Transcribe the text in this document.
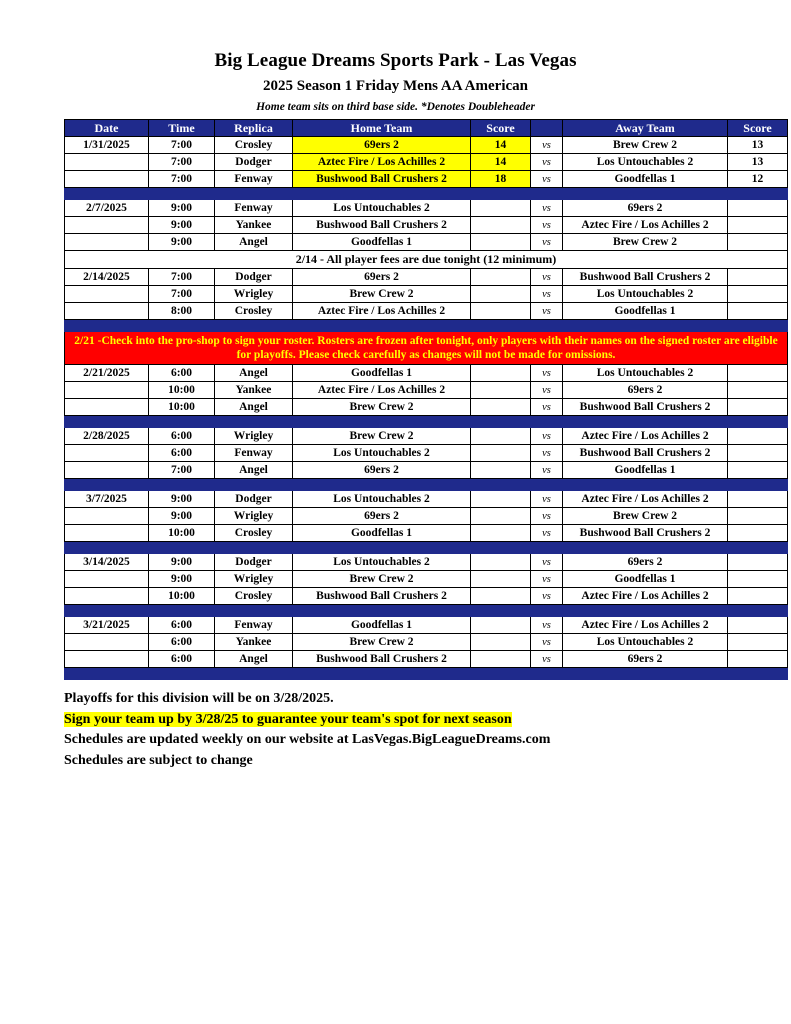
Big League Dreams Sports Park - Las Vegas
2025 Season 1 Friday Mens AA American
Home team sits on third base side. *Denotes Doubleheader
Date	Time	Replica	Home Team	Score		Away Team	Score
1/31/2025	7:00	Crosley	69ers 2	14	vs	Brew Crew 2	13
	7:00	Dodger	Aztec Fire / Los Achilles 2	14	vs	Los Untouchables 2	13
	7:00	Fenway	Bushwood Ball Crushers 2	18	vs	Goodfellas 1	12

2/7/2025	9:00	Fenway	Los Untouchables 2		vs	69ers 2	
	9:00	Yankee	Bushwood Ball Crushers 2		vs	Aztec Fire / Los Achilles 2	
	9:00	Angel	Goodfellas 1		vs	Brew Crew 2	
2/14 - All player fees are due tonight (12 minimum)							
2/14/2025	7:00	Dodger	69ers 2		vs	Bushwood Ball Crushers 2	
	7:00	Wrigley	Brew Crew 2		vs	Los Untouchables 2	
	8:00	Crosley	Aztec Fire / Los Achilles 2		vs	Goodfellas 1	

2/21 -Check into the pro-shop to sign your roster. Rosters are frozen after tonight, only players with their names on the signed roster are eligible for playoffs. Please check carefully as changes will not be made for omissions.							
2/21/2025	6:00	Angel	Goodfellas 1		vs	Los Untouchables 2	
	10:00	Yankee	Aztec Fire / Los Achilles 2		vs	69ers 2	
	10:00	Angel	Brew Crew 2		vs	Bushwood Ball Crushers 2	

2/28/2025	6:00	Wrigley	Brew Crew 2		vs	Aztec Fire / Los Achilles 2	
	6:00	Fenway	Los Untouchables 2		vs	Bushwood Ball Crushers 2	
	7:00	Angel	69ers 2		vs	Goodfellas 1	

3/7/2025	9:00	Dodger	Los Untouchables 2		vs	Aztec Fire / Los Achilles 2	
	9:00	Wrigley	69ers 2		vs	Brew Crew 2	
	10:00	Crosley	Goodfellas 1		vs	Bushwood Ball Crushers 2	

3/14/2025	9:00	Dodger	Los Untouchables 2		vs	69ers 2	
	9:00	Wrigley	Brew Crew 2		vs	Goodfellas 1	
	10:00	Crosley	Bushwood Ball Crushers 2		vs	Aztec Fire / Los Achilles 2	

3/21/2025	6:00	Fenway	Goodfellas 1		vs	Aztec Fire / Los Achilles 2	
	6:00	Yankee	Brew Crew 2		vs	Los Untouchables 2	
	6:00	Angel	Bushwood Ball Crushers 2		vs	69ers 2	

Playoffs for this division will be on 3/28/2025.
Sign your team up by 3/28/25 to guarantee your team's spot for next season
Schedules are updated weekly on our website at LasVegas.BigLeagueDreams.com
Schedules are subject to change
